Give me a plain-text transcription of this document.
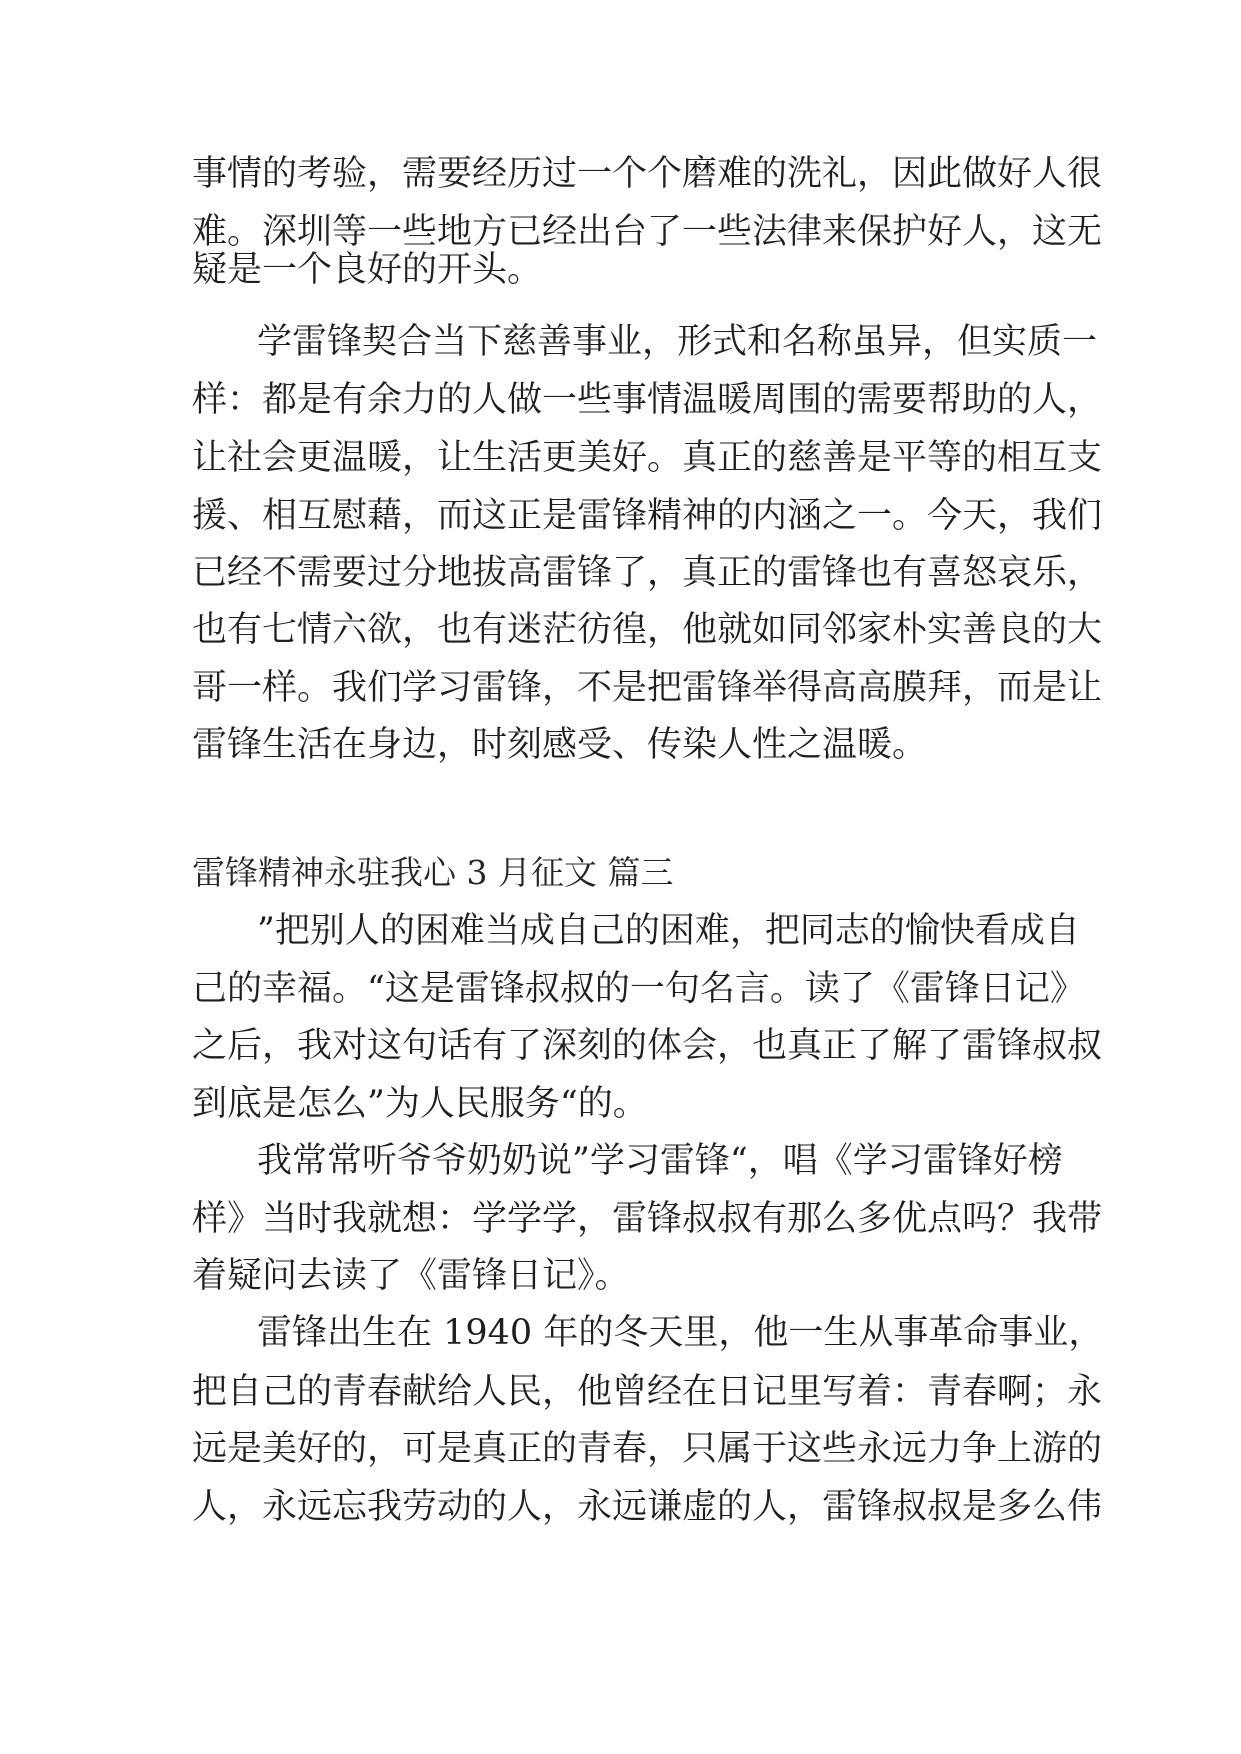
事情的考验，需要经历过一个个磨难的洗礼，因此做好人很
难。深圳等一些地方已经出台了一些法律来保护好人，这无
疑是一个良好的开头。
学雷锋契合当下慈善事业，形式和名称虽异，但实质一
样：都是有余力的人做一些事情温暖周围的需要帮助的人，
让社会更温暖，让生活更美好。真正的慈善是平等的相互支
援、相互慰藉，而这正是雷锋精神的内涵之一。今天，我们
已经不需要过分地拔高雷锋了，真正的雷锋也有喜怒哀乐，
也有七情六欲，也有迷茫彷徨，他就如同邻家朴实善良的大
哥一样。我们学习雷锋，不是把雷锋举得高高膜拜，而是让
雷锋生活在身边，时刻感受、传染人性之温暖。
雷锋精神永驻我心 3 月征文 篇三
”把别人的困难当成自己的困难，把同志的愉快看成自
己的幸福。“这是雷锋叔叔的一句名言。读了《雷锋日记》
之后，我对这句话有了深刻的体会，也真正了解了雷锋叔叔
到底是怎么”为人民服务“的。
我常常听爷爷奶奶说”学习雷锋“，唱《学习雷锋好榜
样》当时我就想：学学学，雷锋叔叔有那么多优点吗？我带
着疑问去读了《雷锋日记》。
雷锋出生在 1940 年的冬天里，他一生从事革命事业，
把自己的青春献给人民，他曾经在日记里写着：青春啊；永
远是美好的，可是真正的青春，只属于这些永远力争上游的
人，永远忘我劳动的人，永远谦虚的人，雷锋叔叔是多么伟
